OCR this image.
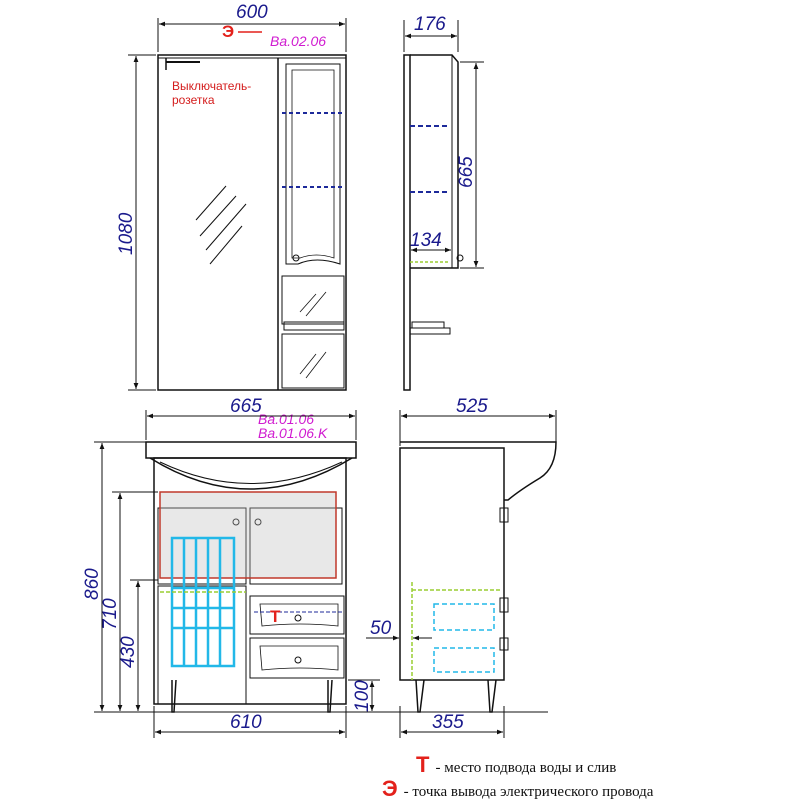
Выключатель-
розетка
Э	Ba.02.06
600
1080
176
665
134
Т
Ba.01.06
Ba.01.06.K
665
860
710
430
100
610
525
50
355
Т - место подвода воды и слив
Э - точка вывода электрического провода
